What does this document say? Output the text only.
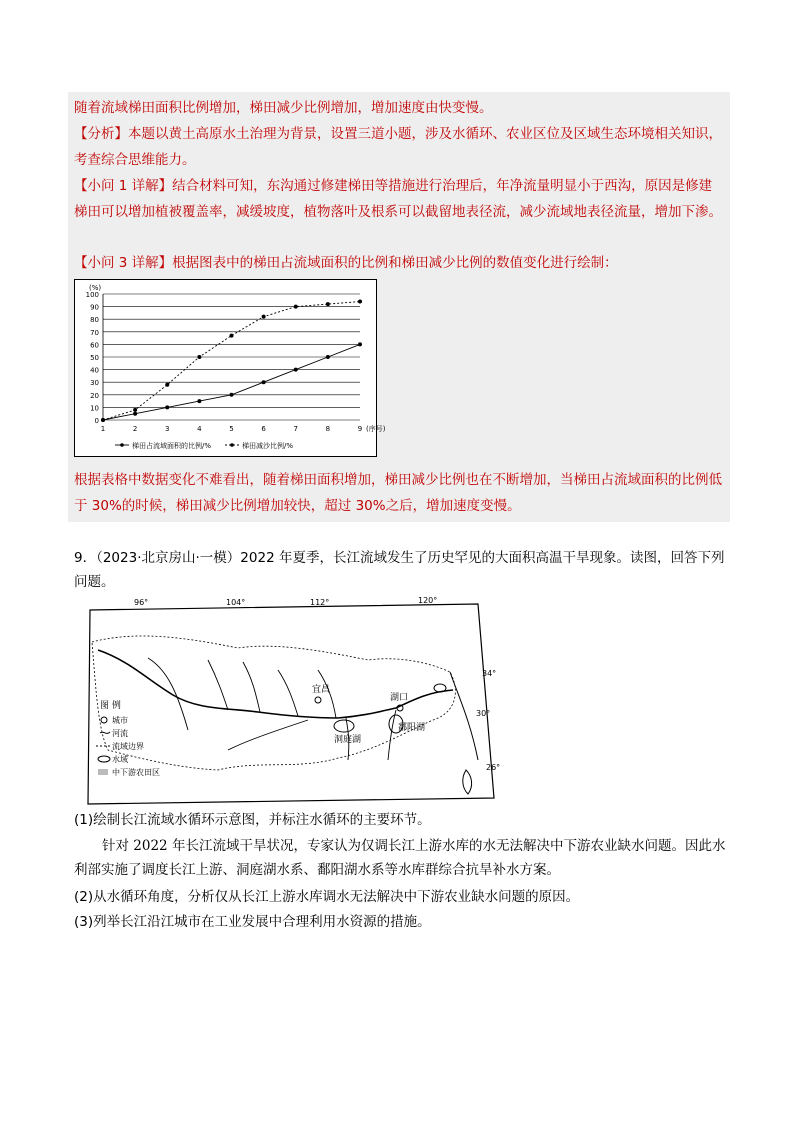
随着流域梯田面积比例增加，梯田减少比例增加，增加速度由快变慢。
【分析】本题以黄土高原水土治理为背景，设置三道小题，涉及水循环、农业区位及区域生态环境相关知识，考查综合思维能力。
【小问 1 详解】结合材料可知，东沟通过修建梯田等措施进行治理后，年净流量明显小于西沟，原因是修建梯田可以增加植被覆盖率，减缓坡度，植物落叶及根系可以截留地表径流，减少流域地表径流量，增加下渗。
【小问 3 详解】根据图表中的梯田占流域面积的比例和梯田减少比例的数值变化进行绘制：
0
10
20
30
40
50
60
70
80
90
100
(%)
1	2	3	4	5	6	7	8	9 (序号)
梯田占流域面积的比例/%	梯田减沙比例/%
根据表格中数据变化不难看出，随着梯田面积增加，梯田减少比例也在不断增加，当梯田占流域面积的比例低于 30%的时候，梯田减少比例增加较快，超过 30%之后，增加速度变慢。
9．（2023·北京房山·一模）2022 年夏季，长江流域发生了历史罕见的大面积高温干旱现象。读图，回答下列问题。
96°	104°	112°	120°
34°
30°
26°
宜昌
湖口
洞庭湖
鄱阳湖
图 例
城市
河流
流域边界
水域
中下游农田区
(1)绘制长江流域水循环示意图，并标注水循环的主要环节。
针对 2022 年长江流域干旱状况，专家认为仅调长江上游水库的水无法解决中下游农业缺水问题。因此水利部实施了调度长江上游、洞庭湖水系、鄱阳湖水系等水库群综合抗旱补水方案。
(2)从水循环角度，分析仅从长江上游水库调水无法解决中下游农业缺水问题的原因。
(3)列举长江沿江城市在工业发展中合理利用水资源的措施。
